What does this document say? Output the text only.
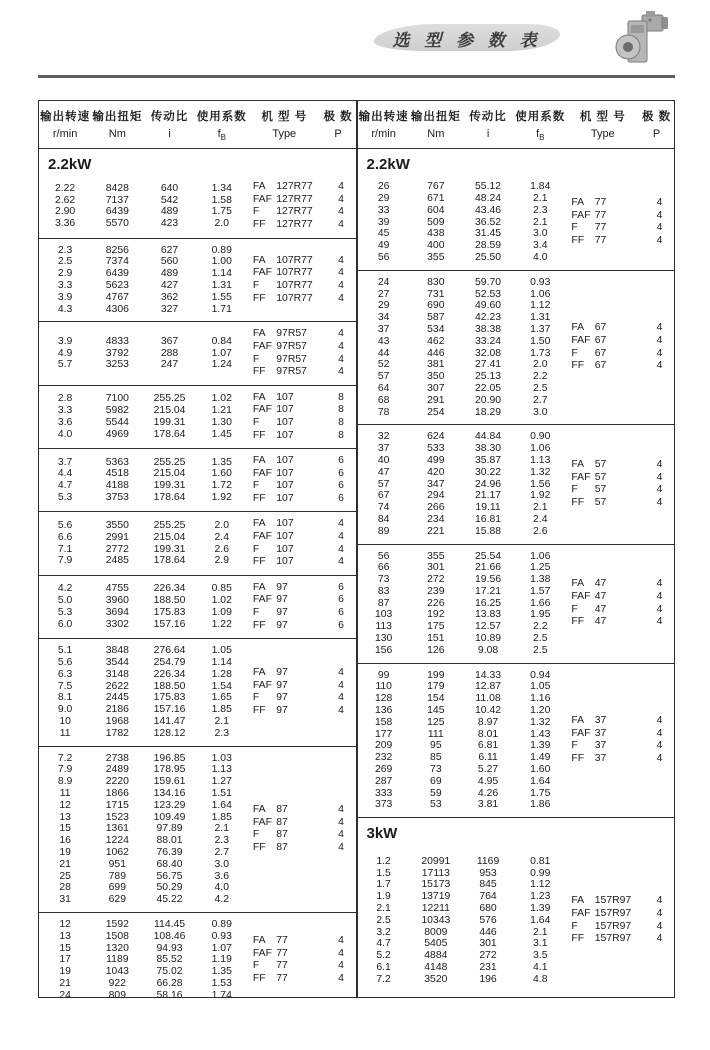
选 型 参 数 表
输出转速 输出扭矩 传动比 使用系数	机 型 号	极 数
r/min	Nm	i	$f_B$	Type	P
2.2kW
2.22	8428	640	1.34
2.62	7137	542	1.58
2.90	6439	489	1.75
3.36	5570	423	2.0
FA 127R77	4
FAF 127R77	4
F 127R77	4
FF 127R77	4
2.3	8256	627	0.89
2.5	7374	560	1.00
2.9	6439	489	1.14
3.3	5623	427	1.31
3.9	4767	362	1.55
4.3	4306	327	1.71
FA 107R77	4
FAF 107R77	4
F 107R77	4
FF 107R77	4
3.9	4833	367	0.84
4.9	3792	288	1.07
5.7	3253	247	1.24
FA 97R57	4
FAF 97R57	4
F 97R57	4
FF 97R57	4
2.8	7100	255.25	1.02
3.3	5982	215.04	1.21
3.6	5544	199.31	1.30
4.0	4969	178.64	1.45
FA 107	8
FAF 107	8
F 107	8
FF 107	8
3.7	5363	255.25	1.35
4.4	4518	215.04	1.60
4.7	4188	199.31	1.72
5.3	3753	178.64	1.92
FA 107	6
FAF 107	6
F 107	6
FF 107	6
5.6	3550	255.25	2.0
6.6	2991	215.04	2.4
7.1	2772	199.31	2.6
7.9	2485	178.64	2.9
FA 107	4
FAF 107	4
F 107	4
FF 107	4
4.2	4755	226.34	0.85
5.0	3960	188.50	1.02
5.3	3694	175.83	1.09
6.0	3302	157.16	1.22
FA 97	6
FAF 97	6
F 97	6
FF 97	6
5.1	3848	276.64	1.05
5.6	3544	254.79	1.14
6.3	3148	226.34	1.28
7.5	2622	188.50	1.54
8.1	2445	175.83	1.65
9.0	2186	157.16	1.85
10	1968	141.47	2.1
11	1782	128.12	2.3
FA 97	4
FAF 97	4
F 97	4
FF 97	4
7.2	2738	196.85	1.03
7.9	2489	178.95	1.13
8.9	2220	159.61	1.27
11	1866	134.16	1.51
12	1715	123.29	1.64
13	1523	109.49	1.85
15	1361	97.89	2.1
16	1224	88.01	2.3
19	1062	76.39	2.7
21	951	68.40	3.0
25	789	56.75	3.6
28	699	50.29	4.0
31	629	45.22	4.2
FA 87	4
FAF 87	4
F 87	4
FF 87	4
12	1592	114.45	0.89
13	1508	108.46	0.93
15	1320	94.93	1.07
17	1189	85.52	1.19
19	1043	75.02	1.35
21	922	66.28	1.53
24	809	58.16	1.74
FA 77	4
FAF 77	4
F 77	4
FF 77	4
输出转速 输出扭矩 传动比 使用系数	机 型 号	极 数
r/min	Nm	i	$f_B$	Type	P
2.2kW
26	767	55.12	1.84
29	671	48.24	2.1
33	604	43.46	2.3
39	509	36.52	2.1
45	438	31.45	3.0
49	400	28.59	3.4
56	355	25.50	4.0
FA 77	4
FAF 77	4
F 77	4
FF 77	4
24	830	59.70	0.93
27	731	52.53	1.06
29	690	49.60	1.12
34	587	42.23	1.31
37	534	38.38	1.37
43	462	33.24	1.50
44	446	32.08	1.73
52	381	27.41	2.0
57	350	25.13	2.2
64	307	22.05	2.5
68	291	20.90	2.7
78	254	18.29	3.0
FA 67	4
FAF 67	4
F 67	4
FF 67	4
32	624	44.84	0.90
37	533	38.30	1.06
40	499	35.87	1.13
47	420	30.22	1.32
57	347	24.96	1.56
67	294	21.17	1.92
74	266	19.11	2.1
84	234	16.81	2.4
89	221	15.88	2.6
FA 57	4
FAF 57	4
F 57	4
FF 57	4
56	355	25.54	1.06
66	301	21.66	1.25
73	272	19.56	1.38
83	239	17.21	1.57
87	226	16.25	1.66
103	192	13.83	1.95
113	175	12.57	2.2
130	151	10.89	2.5
156	126	9.08	2.5
FA 47	4
FAF 47	4
F 47	4
FF 47	4
99	199	14.33	0.94
110	179	12.87	1.05
128	154	11.08	1.16
136	145	10.42	1.20
158	125	8.97	1.32
177	111	8.01	1.43
209	95	6.81	1.39
232	85	6.11	1.49
269	73	5.27	1.60
287	69	4.95	1.64
333	59	4.26	1.75
373	53	3.81	1.86
FA 37	4
FAF 37	4
F 37	4
FF 37	4
3kW
1.2	20991	1169	0.81
1.5	17113	953	0.99
1.7	15173	845	1.12
1.9	13719	764	1.23
2.1	12211	680	1.39
2.5	10343	576	1.64
3.2	8009	446	2.1
4.7	5405	301	3.1
5.2	4884	272	3.5
6.1	4148	231	4.1
7.2	3520	196	4.8
FA 157R97	4
FAF 157R97	4
F 157R97	4
FF 157R97	4
